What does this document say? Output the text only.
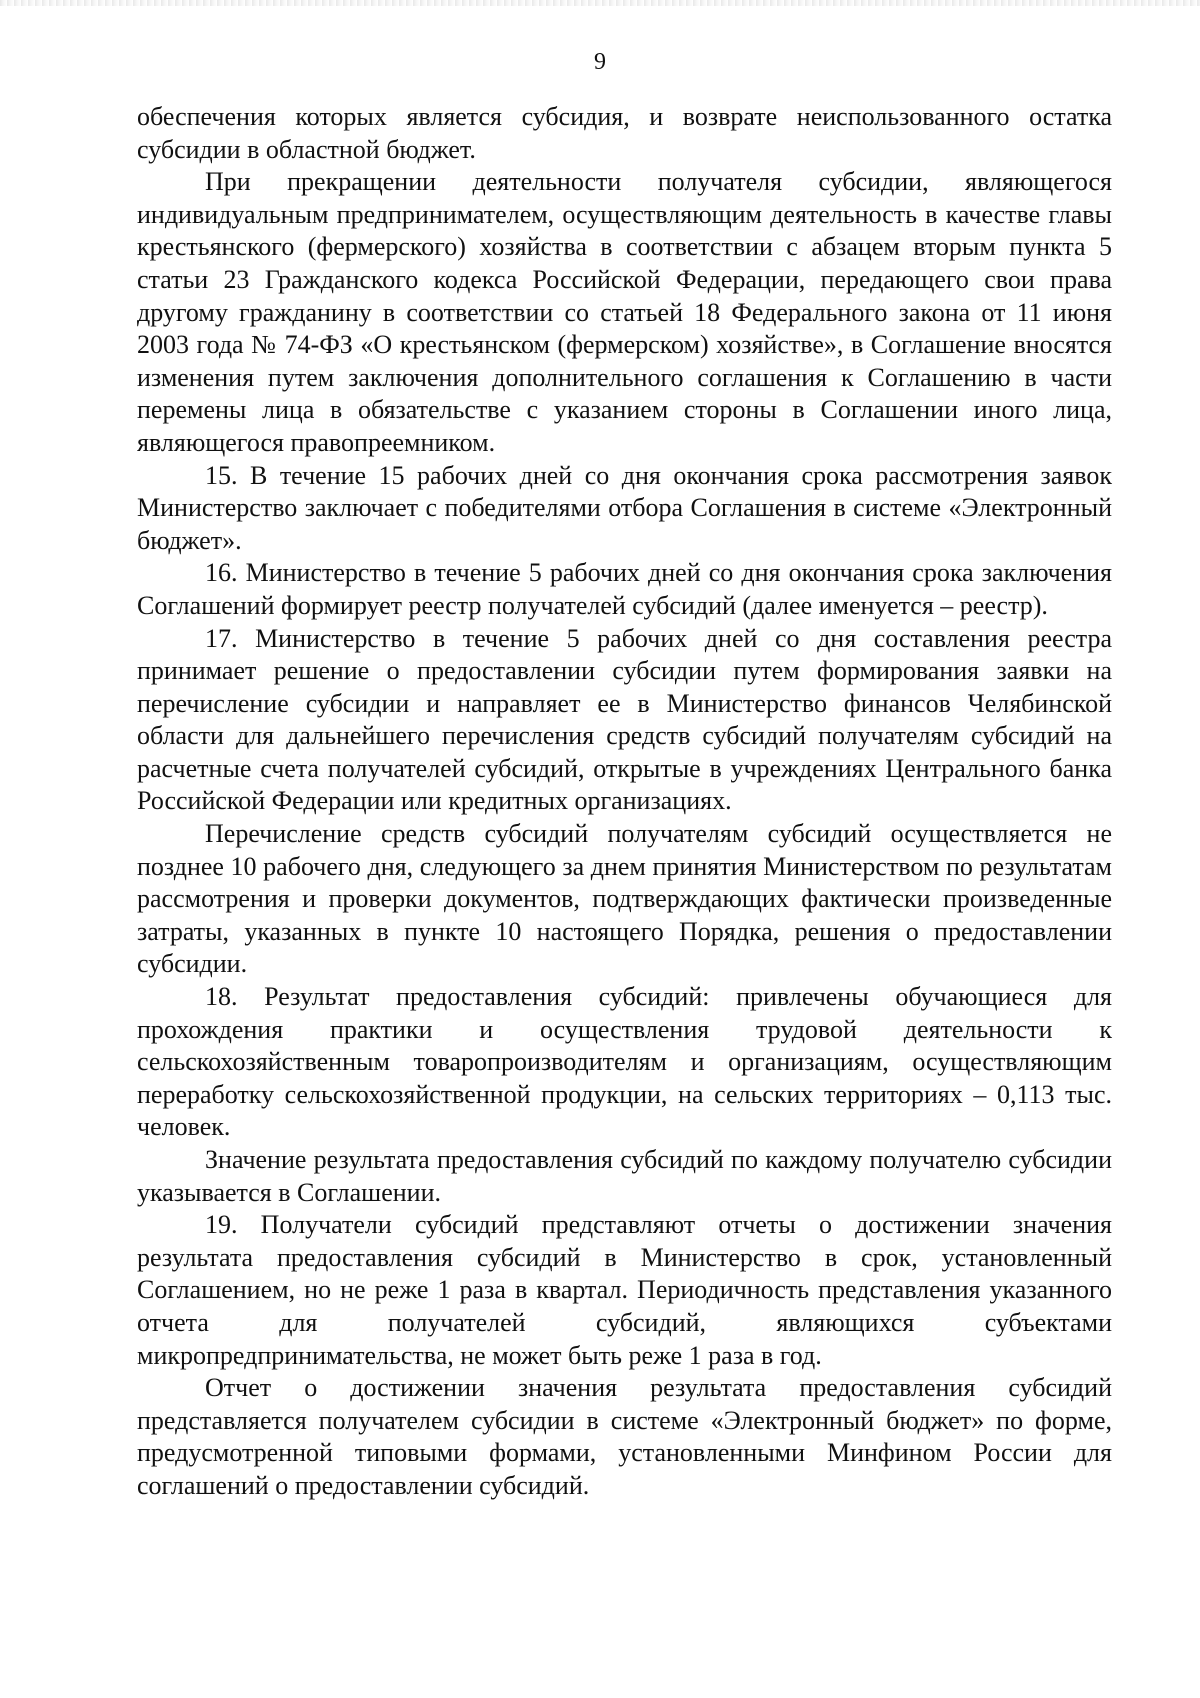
9

обеспечения которых является субсидия, и возврате неиспользованного остатка субсидии в областной бюджет.

При прекращении деятельности получателя субсидии, являющегося индивидуальным предпринимателем, осуществляющим деятельность в качестве главы крестьянского (фермерского) хозяйства в соответствии с абзацем вторым пункта 5 статьи 23 Гражданского кодекса Российской Федерации, передающего свои права другому гражданину в соответствии со статьей 18 Федерального закона от 11 июня 2003 года № 74-ФЗ «О крестьянском (фермерском) хозяйстве», в Соглашение вносятся изменения путем заключения дополнительного соглашения к Соглашению в части перемены лица в обязательстве с указанием стороны в Соглашении иного лица, являющегося правопреемником.

15. В течение 15 рабочих дней со дня окончания срока рассмотрения заявок Министерство заключает с победителями отбора Соглашения в системе «Электронный бюджет».

16. Министерство в течение 5 рабочих дней со дня окончания срока заключения Соглашений формирует реестр получателей субсидий (далее именуется – реестр).

17. Министерство в течение 5 рабочих дней со дня составления реестра принимает решение о предоставлении субсидии путем формирования заявки на перечисление субсидии и направляет ее в Министерство финансов Челябинской области для дальнейшего перечисления средств субсидий получателям субсидий на расчетные счета получателей субсидий, открытые в учреждениях Центрального банка Российской Федерации или кредитных организациях.

Перечисление средств субсидий получателям субсидий осуществляется не позднее 10 рабочего дня, следующего за днем принятия Министерством по результатам рассмотрения и проверки документов, подтверждающих фактически произведенные затраты, указанных в пункте 10 настоящего Порядка, решения о предоставлении субсидии.

18. Результат предоставления субсидий: привлечены обучающиеся для прохождения практики и осуществления трудовой деятельности к сельскохозяйственным товаропроизводителям и организациям, осуществляющим переработку сельскохозяйственной продукции, на сельских территориях – 0,113 тыс. человек.

Значение результата предоставления субсидий по каждому получателю субсидии указывается в Соглашении.

19. Получатели субсидий представляют отчеты о достижении значения результата предоставления субсидий в Министерство в срок, установленный Соглашением, но не реже 1 раза в квартал. Периодичность представления указанного отчета для получателей субсидий, являющихся субъектами микропредпринимательства, не может быть реже 1 раза в год.

Отчет о достижении значения результата предоставления субсидий представляется получателем субсидии в системе «Электронный бюджет» по форме, предусмотренной типовыми формами, установленными Минфином России для соглашений о предоставлении субсидий.
